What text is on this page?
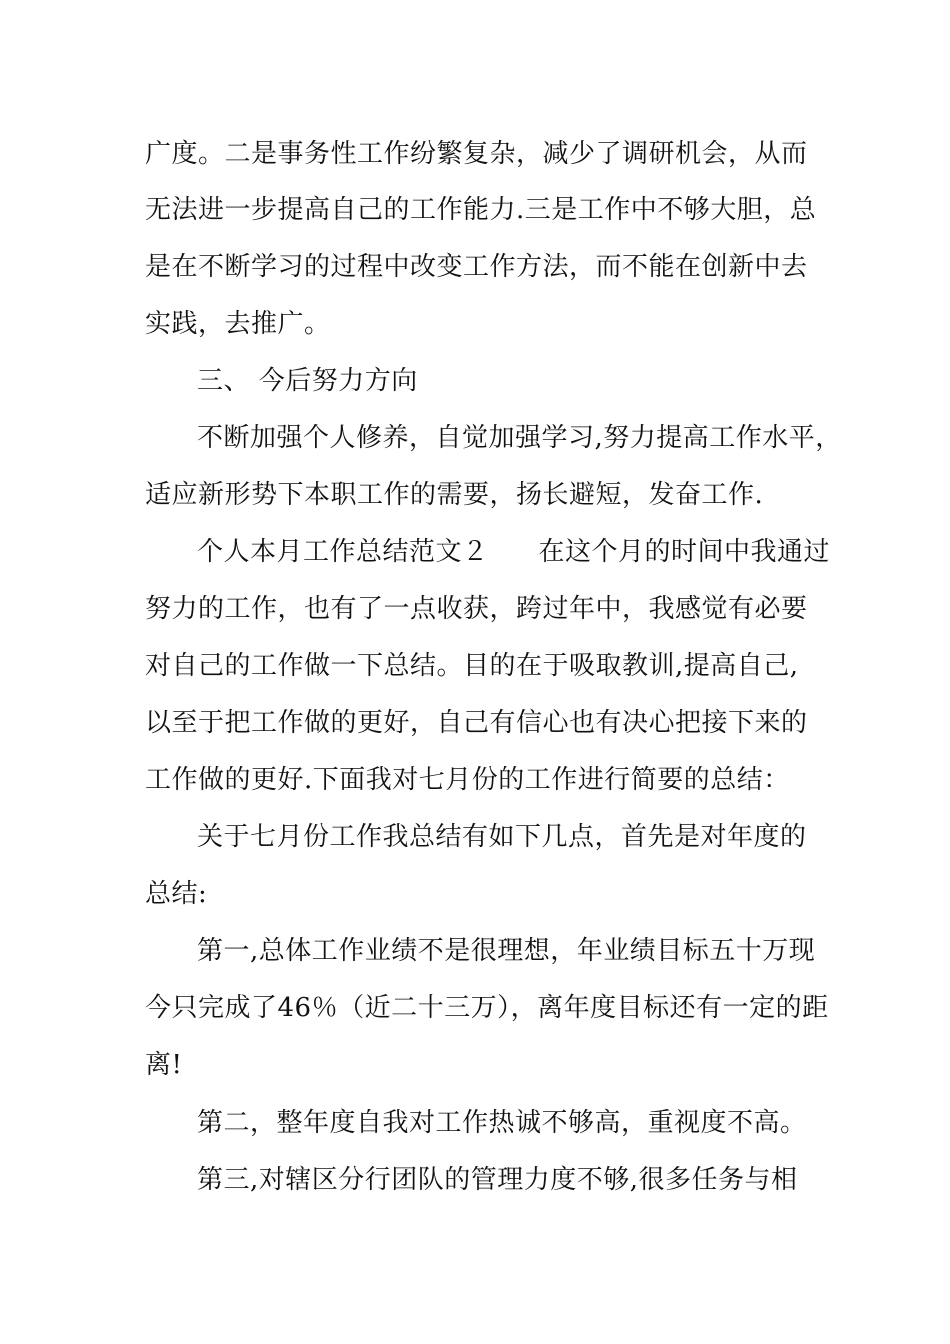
广度。二是事务性工作纷繁复杂，减少了调研机会，从而
无法进一步提高自己的工作能力.三是工作中不够大胆，总
是在不断学习的过程中改变工作方法，而不能在创新中去
实践，去推广。
三、 今后努力方向
不断加强个人修养，自觉加强学习,努力提高工作水平，
适应新形势下本职工作的需要，扬长避短，发奋工作.
个人本月工作总结范文２ 在这个月的时间中我通过
努力的工作，也有了一点收获，跨过年中，我感觉有必要
对自己的工作做一下总结。目的在于吸取教训,提高自己,
以至于把工作做的更好，自己有信心也有决心把接下来的
工作做的更好.下面我对七月份的工作进行简要的总结：
关于七月份工作我总结有如下几点，首先是对年度的
总结:
第一,总体工作业绩不是很理想，年业绩目标五十万现
今只完成了46％（近二十三万），离年度目标还有一定的距
离!
第二，整年度自我对工作热诚不够高，重视度不高。
第三,对辖区分行团队的管理力度不够,很多任务与相
